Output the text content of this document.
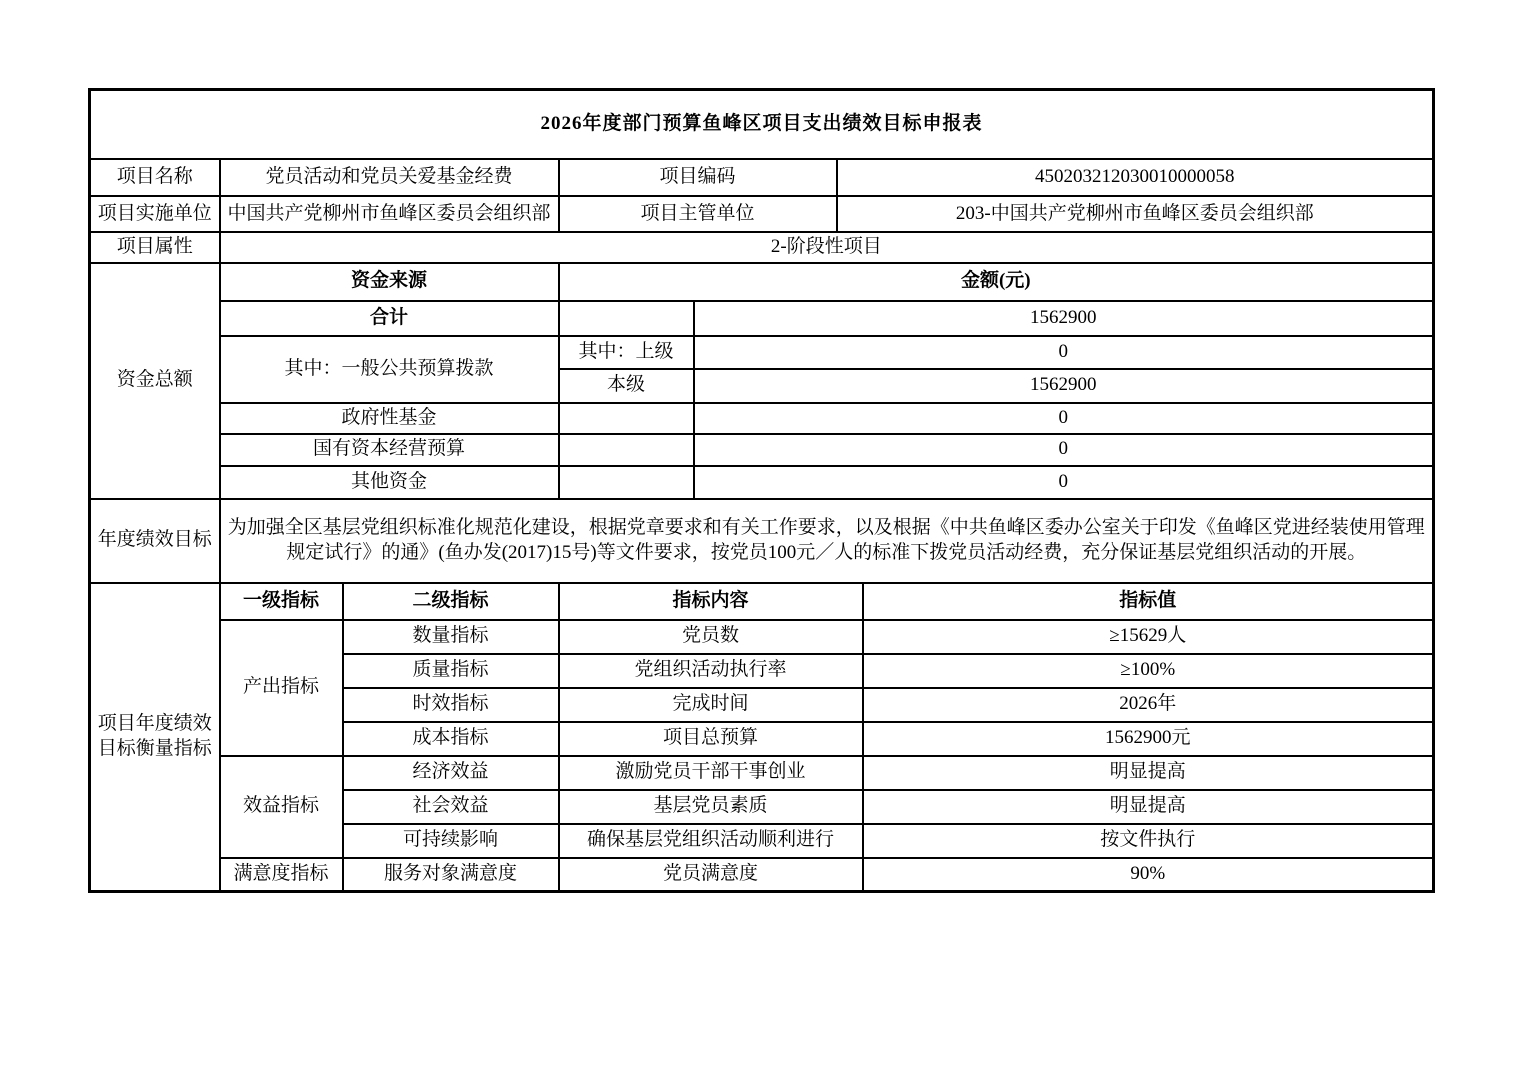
2026年度部门预算鱼峰区项目支出绩效目标申报表						
项目名称	党员活动和党员关爱基金经费		项目编码		450203212030010000058	
项目实施单位	中国共产党柳州市鱼峰区委员会组织部		项目主管单位		203-中国共产党柳州市鱼峰区委员会组织部	
项目属性	2-阶段性项目					
资金总额	资金来源		金额(元)			
	合计			1562900		
	其中：一般公共预算拨款		其中：上级	0		
			本级	1562900		
	政府性基金			0		
	国有资本经营预算			0		
	其他资金			0		
年度绩效目标	为加强全区基层党组织标准化规范化建设，根据党章要求和有关工作要求，以及根据《中共鱼峰区委办公室关于印发《鱼峰区党进经装使用管理规定试行》的通》(鱼办发(2017)15号)等文件要求，按党员100元／人的标准下拨党员活动经费，充分保证基层党组织活动的开展。					
项目年度绩效目标衡量指标	一级指标	二级指标	指标内容			指标值
	产出指标	数量指标	党员数			≥15629人
		质量指标	党组织活动执行率			≥100%
		时效指标	完成时间			2026年
		成本指标	项目总预算			1562900元
	效益指标	经济效益	激励党员干部干事创业			明显提高
		社会效益	基层党员素质			明显提高
		可持续影响	确保基层党组织活动顺利进行			按文件执行
	满意度指标	服务对象满意度	党员满意度			90%
